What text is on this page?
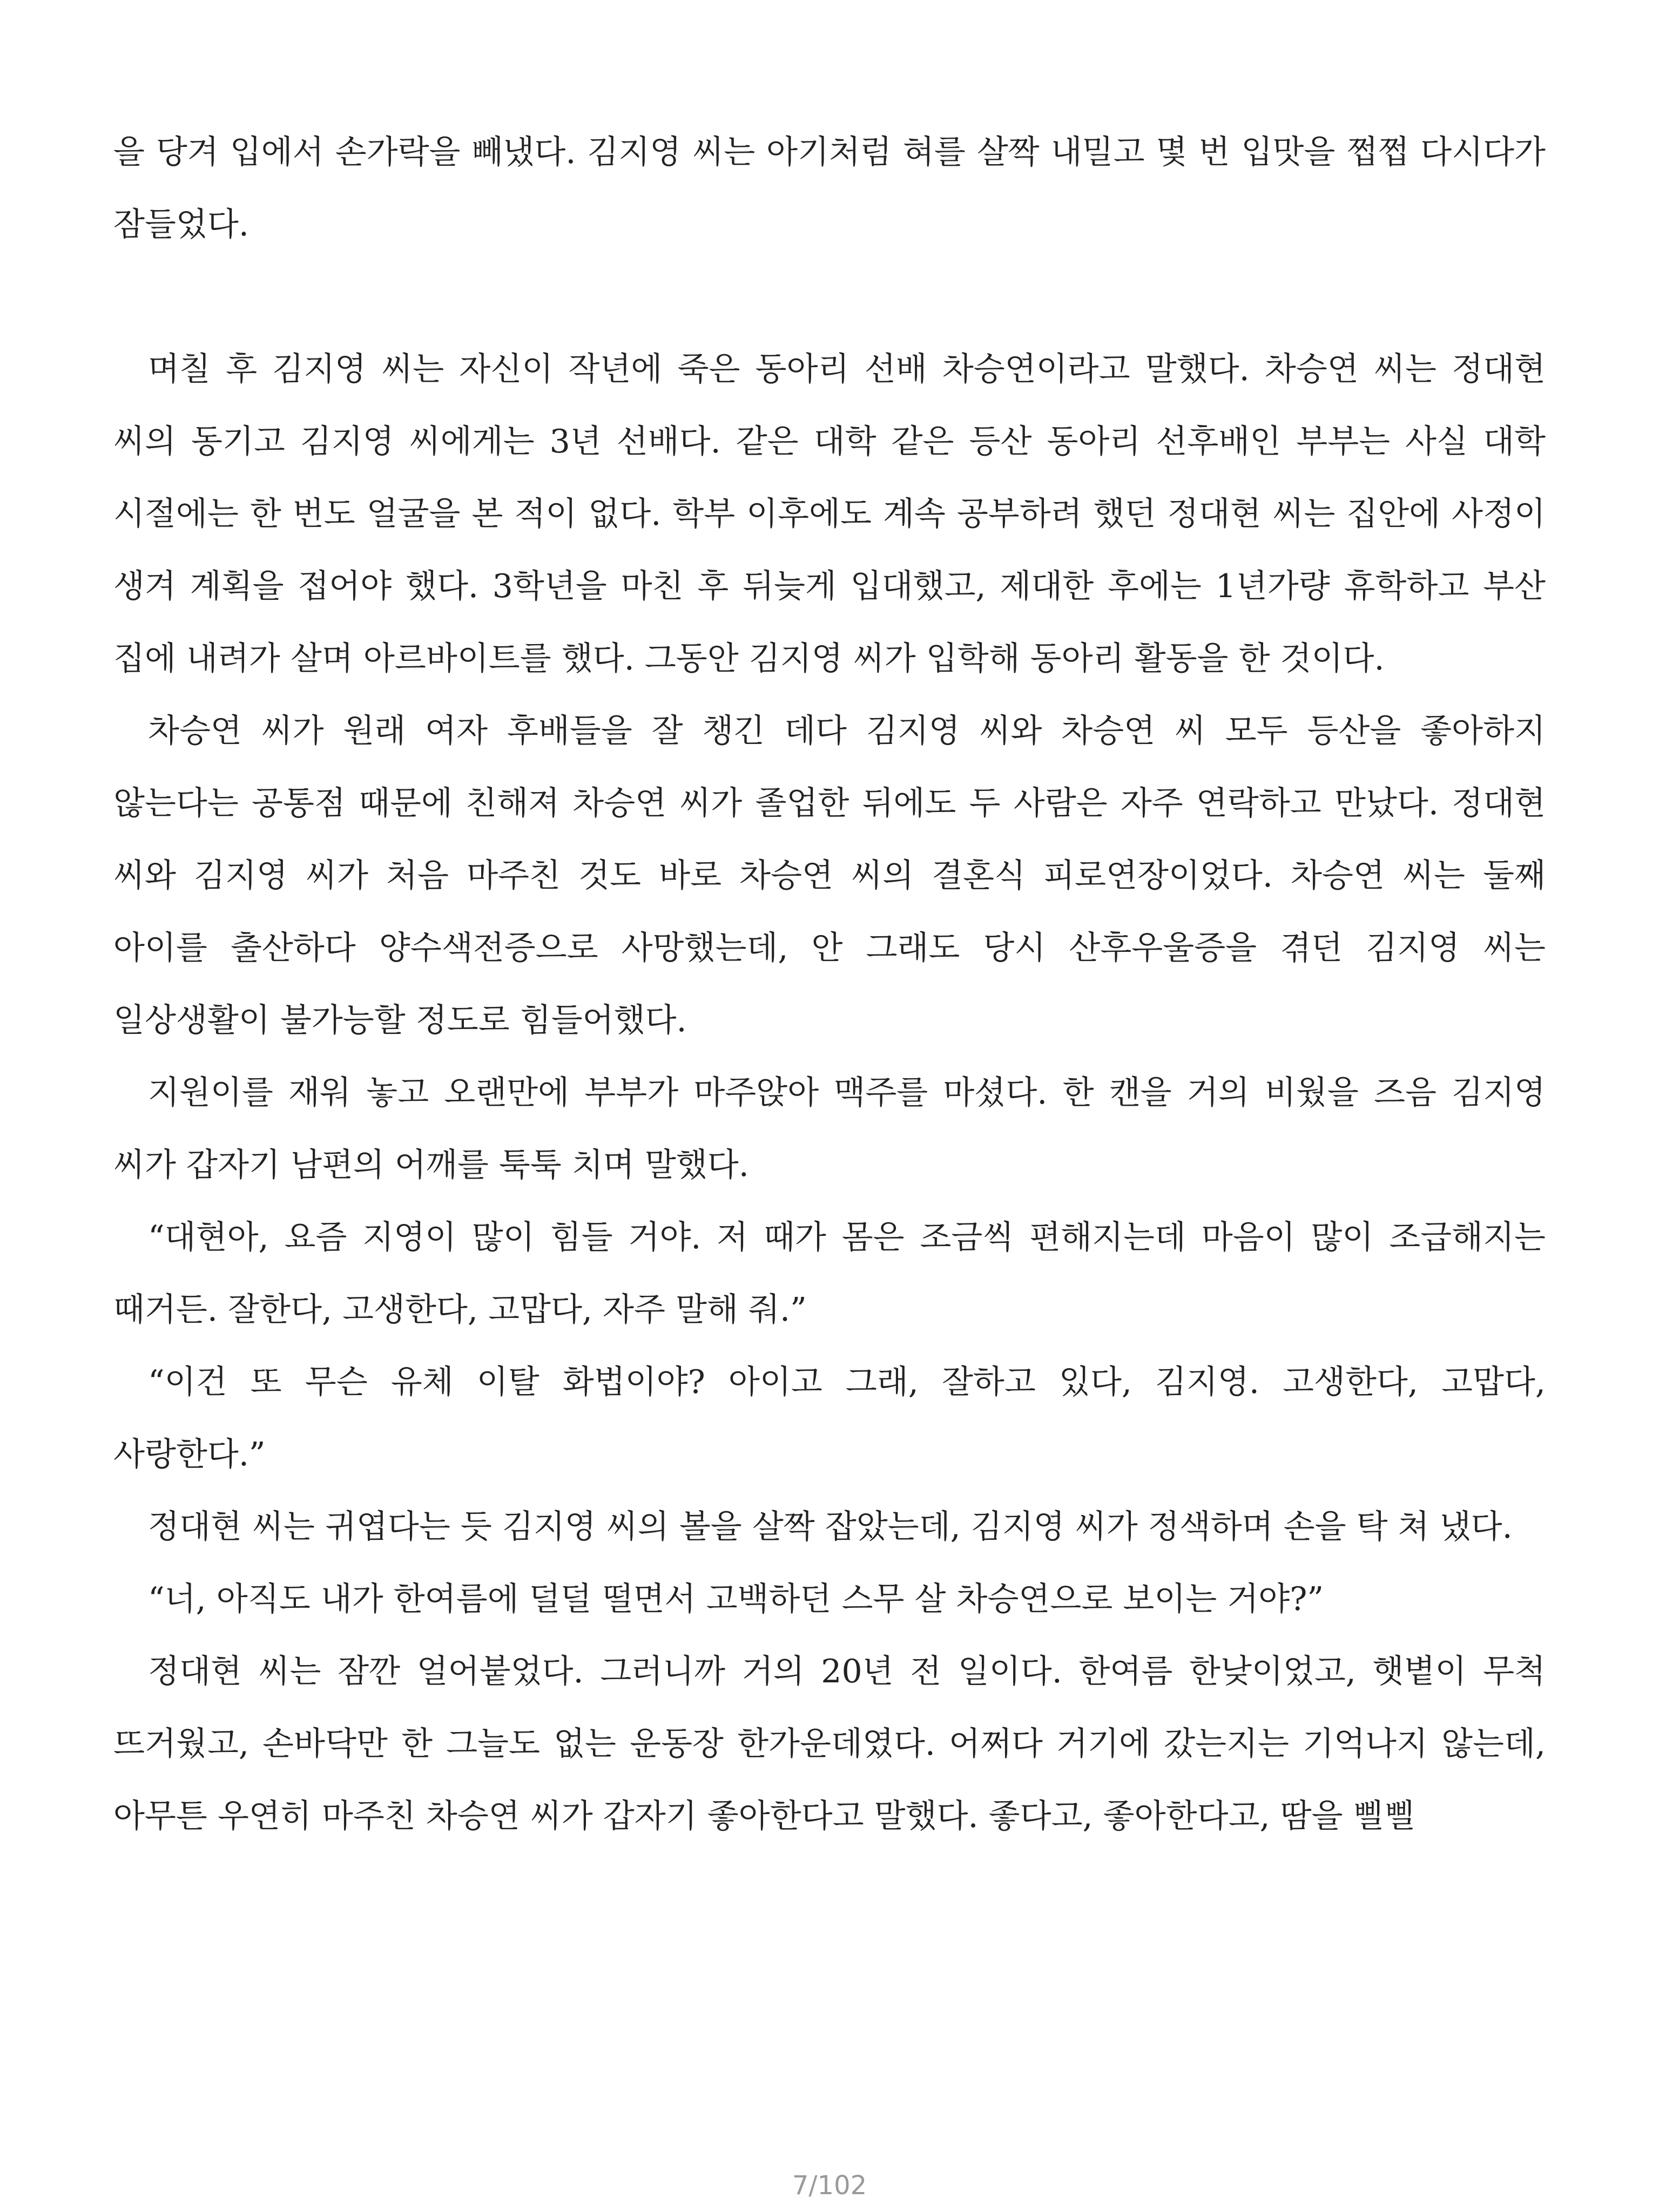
을 당겨 입에서 손가락을 빼냈다. 김지영 씨는 아기처럼 혀를 살짝 내밀고 몇 번 입맛을 쩝쩝 다시다가 잠들었다.

며칠 후 김지영 씨는 자신이 작년에 죽은 동아리 선배 차승연이라고 말했다. 차승연 씨는 정대현 씨의 동기고 김지영 씨에게는 3년 선배다. 같은 대학 같은 등산 동아리 선후배인 부부는 사실 대학 시절에는 한 번도 얼굴을 본 적이 없다. 학부 이후에도 계속 공부하려 했던 정대현 씨는 집안에 사정이 생겨 계획을 접어야 했다. 3학년을 마친 후 뒤늦게 입대했고, 제대한 후에는 1년가량 휴학하고 부산 집에 내려가 살며 아르바이트를 했다. 그동안 김지영 씨가 입학해 동아리 활동을 한 것이다.

차승연 씨가 원래 여자 후배들을 잘 챙긴 데다 김지영 씨와 차승연 씨 모두 등산을 좋아하지 않는다는 공통점 때문에 친해져 차승연 씨가 졸업한 뒤에도 두 사람은 자주 연락하고 만났다. 정대현 씨와 김지영 씨가 처음 마주친 것도 바로 차승연 씨의 결혼식 피로연장이었다. 차승연 씨는 둘째 아이를 출산하다 양수색전증으로 사망했는데, 안 그래도 당시 산후우울증을 겪던 김지영 씨는 일상생활이 불가능할 정도로 힘들어했다.

지원이를 재워 놓고 오랜만에 부부가 마주앉아 맥주를 마셨다. 한 캔을 거의 비웠을 즈음 김지영 씨가 갑자기 남편의 어깨를 툭툭 치며 말했다.

“대현아, 요즘 지영이 많이 힘들 거야. 저 때가 몸은 조금씩 편해지는데 마음이 많이 조급해지는 때거든. 잘한다, 고생한다, 고맙다, 자주 말해 줘.”

“이건 또 무슨 유체 이탈 화법이야? 아이고 그래, 잘하고 있다, 김지영. 고생한다, 고맙다, 사랑한다.”

정대현 씨는 귀엽다는 듯 김지영 씨의 볼을 살짝 잡았는데, 김지영 씨가 정색하며 손을 탁 쳐 냈다.

“너, 아직도 내가 한여름에 덜덜 떨면서 고백하던 스무 살 차승연으로 보이는 거야?”

정대현 씨는 잠깐 얼어붙었다. 그러니까 거의 20년 전 일이다. 한여름 한낮이었고, 햇볕이 무척 뜨거웠고, 손바닥만 한 그늘도 없는 운동장 한가운데였다. 어쩌다 거기에 갔는지는 기억나지 않는데, 아무튼 우연히 마주친 차승연 씨가 갑자기 좋아한다고 말했다. 좋다고, 좋아한다고, 땀을 삘삘

7/102
